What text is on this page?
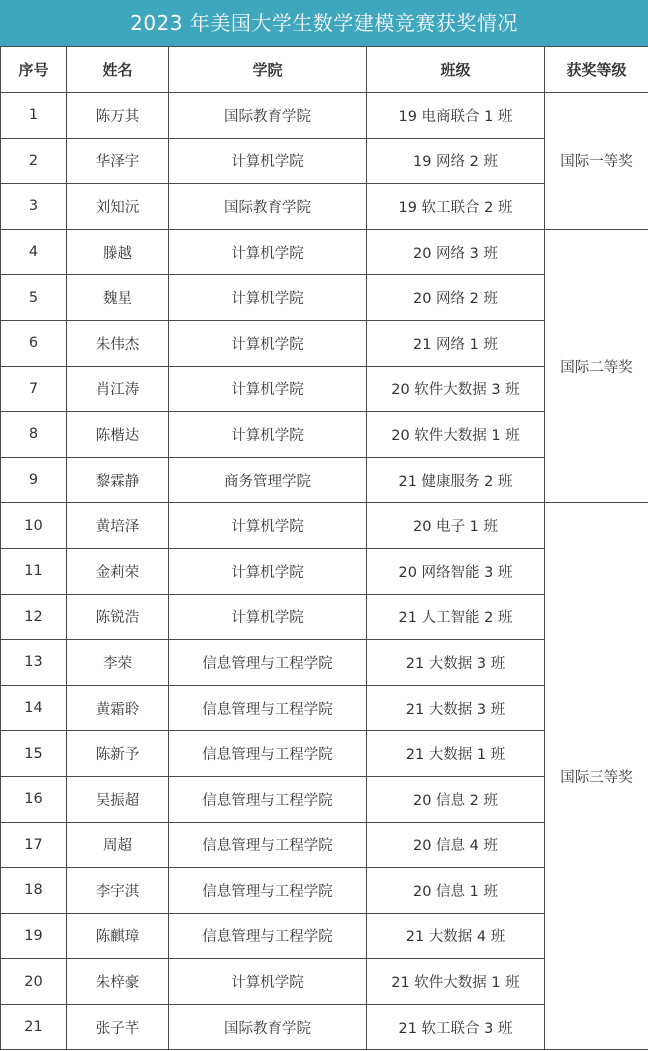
2023 年美国大学生数学建模竞赛获奖情况
序号	姓名	学院	班级	获奖等级
1	陈万其	国际教育学院	19 电商联合 1 班	国际一等奖
2	华泽宇	计算机学院	19 网络 2 班	
3	刘知沅	国际教育学院	19 软工联合 2 班	
4	滕越	计算机学院	20 网络 3 班	国际二等奖
5	魏星	计算机学院	20 网络 2 班	
6	朱伟杰	计算机学院	21 网络 1 班	
7	肖江涛	计算机学院	20 软件大数据 3 班	
8	陈楷达	计算机学院	20 软件大数据 1 班	
9	黎霖静	商务管理学院	21 健康服务 2 班	
10	黄培泽	计算机学院	20 电子 1 班	国际三等奖
11	金莉荣	计算机学院	20 网络智能 3 班	
12	陈锐浩	计算机学院	21 人工智能 2 班	
13	李荣	信息管理与工程学院	21 大数据 3 班	
14	黄霜聆	信息管理与工程学院	21 大数据 3 班	
15	陈新予	信息管理与工程学院	21 大数据 1 班	
16	吴振超	信息管理与工程学院	20 信息 2 班	
17	周超	信息管理与工程学院	20 信息 4 班	
18	李宇淇	信息管理与工程学院	20 信息 1 班	
19	陈麒璋	信息管理与工程学院	21 大数据 4 班	
20	朱梓豪	计算机学院	21 软件大数据 1 班	
21	张子芊	国际教育学院	21 软工联合 3 班	
